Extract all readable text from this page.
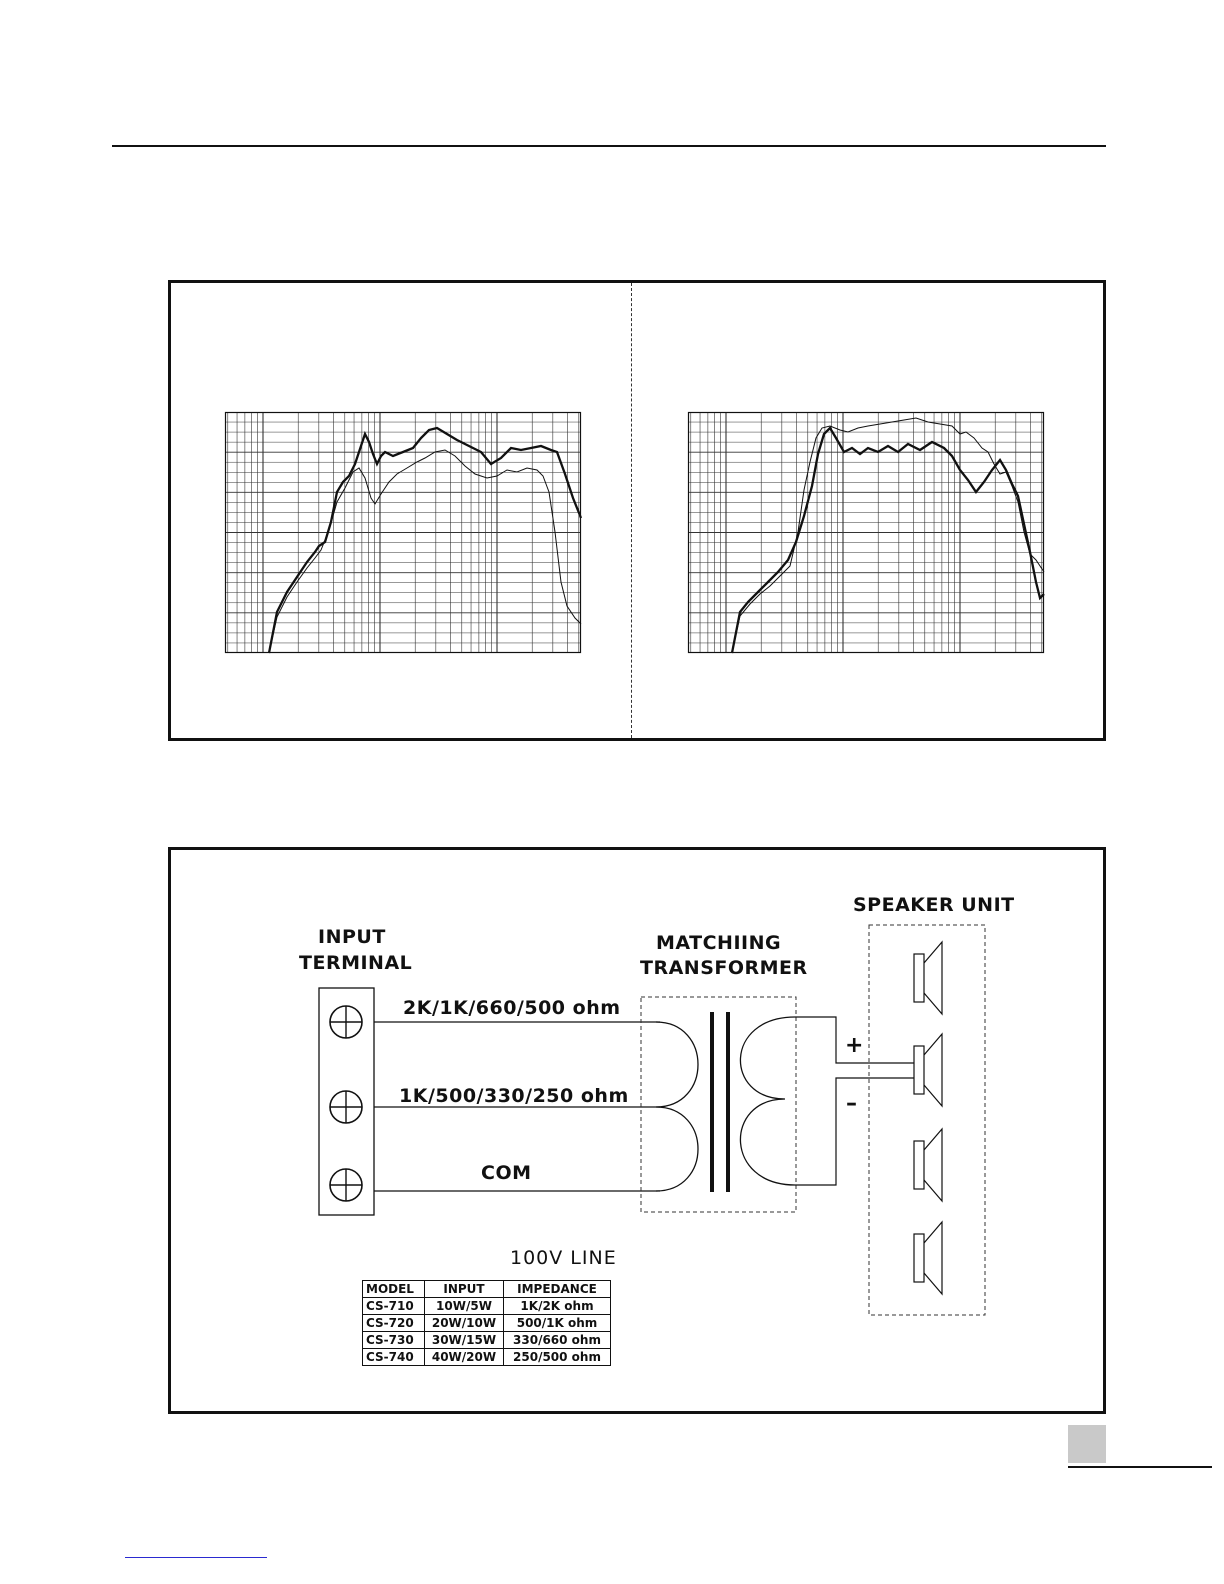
INPUT
TERMINAL
MATCHIING
TRANSFORMER
SPEAKER UNIT
2K/1K/660/500 ohm
1K/500/330/250 ohm
COM
+
–
100V LINE
MODEL	INPUT	IMPEDANCE
CS-710	10W/5W	1K/2K ohm
CS-720	20W/10W	500/1K ohm
CS-730	30W/15W	330/660 ohm
CS-740	40W/20W	250/500 ohm
